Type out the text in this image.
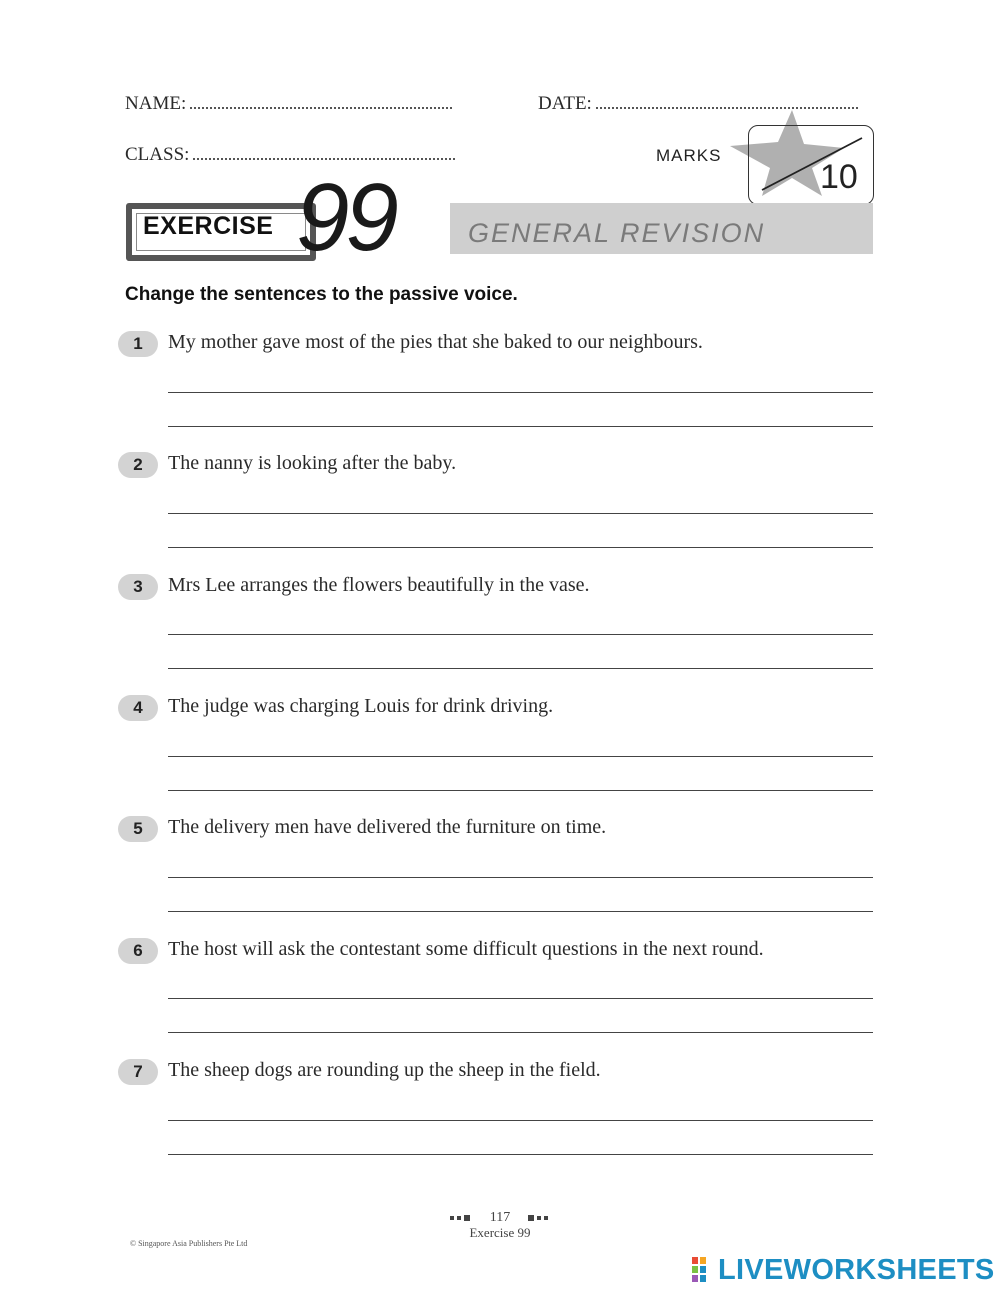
NAME:	DATE:
CLASS:	MARKS
10
EXERCISE 99	GENERAL REVISION
Change the sentences to the passive voice.
1	My mother gave most of the pies that she baked to our neighbours.
2	The nanny is looking after the baby.
3	Mrs Lee arranges the flowers beautifully in the vase.
4	The judge was charging Louis for drink driving.
5	The delivery men have delivered the furniture on time.
6	The host will ask the contestant some difficult questions in the next round.
7	The sheep dogs are rounding up the sheep in the field.
117
Exercise 99
© Singapore Asia Publishers Pte Ltd
LIVEWORKSHEETS
